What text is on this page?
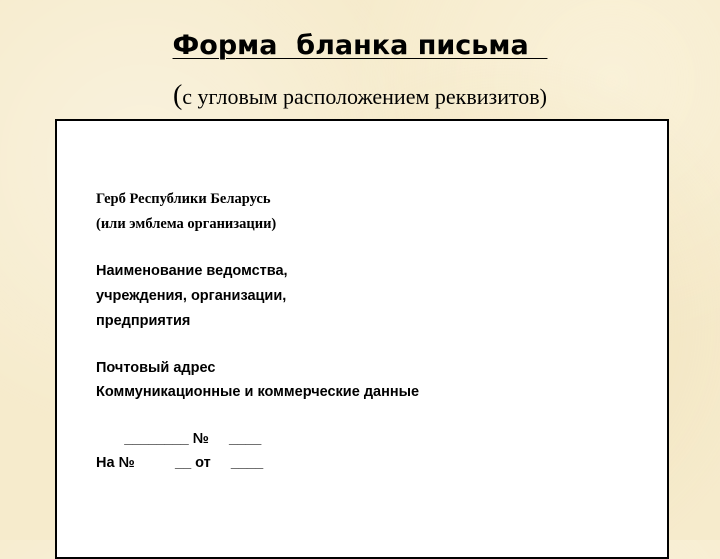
Форма  бланка письма
(с угловым расположением реквизитов)
Герб Республики Беларусь
(или эмблема организации)
Наименование ведомства,
учреждения, организации,
предприятия
Почтовый адрес
Коммуникационные и коммерческие данные
________ №     ____
На №          __ от     ____
